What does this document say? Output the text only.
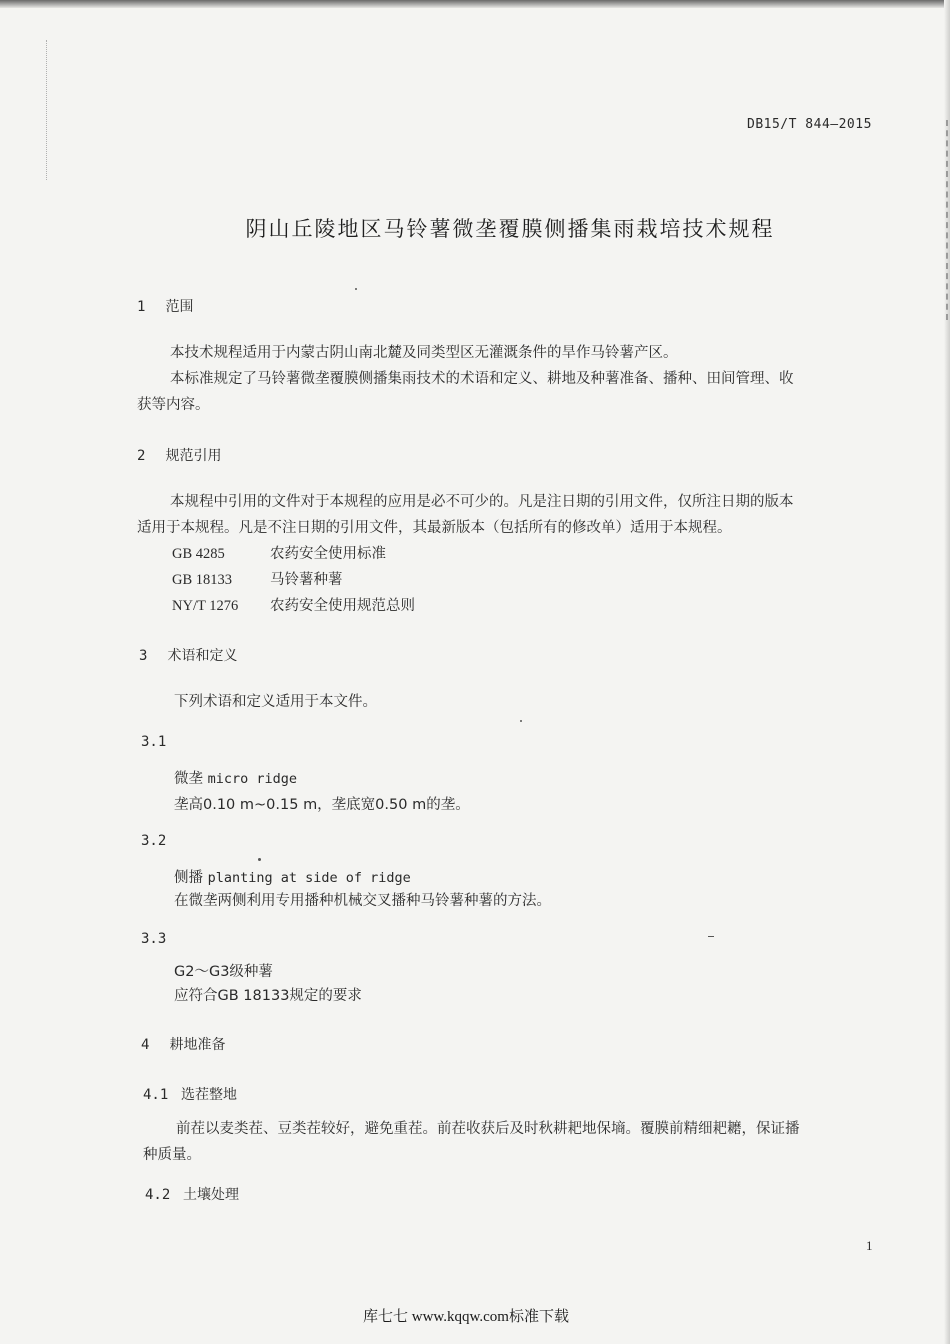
DB15/T 844—2015
阴山丘陵地区马铃薯微垄覆膜侧播集雨栽培技术规程
1 范围
本技术规程适用于内蒙古阴山南北麓及同类型区无灌溉条件的旱作马铃薯产区。
本标准规定了马铃薯微垄覆膜侧播集雨技术的术语和定义、耕地及种薯准备、播种、田间管理、收
获等内容。
2 规范引用
本规程中引用的文件对于本规程的应用是必不可少的。凡是注日期的引用文件，仅所注日期的版本
适用于本规程。凡是不注日期的引用文件，其最新版本（包括所有的修改单）适用于本规程。
GB 4285	农药安全使用标准
GB 18133	马铃薯种薯
NY/T 1276 农药安全使用规范总则
3 术语和定义
下列术语和定义适用于本文件。
3.1
微垄 micro ridge
垄高0.10 m~0.15 m，垄底宽0.50 m的垄。
3.2
侧播 planting at side of ridge
在微垄两侧利用专用播种机械交叉播种马铃薯种薯的方法。
3.3
G2～G3级种薯
应符合GB 18133规定的要求
4 耕地准备
4.1 选茬整地
前茬以麦类茬、豆类茬较好，避免重茬。前茬收获后及时秋耕耙地保墒。覆膜前精细耙耱，保证播
种质量。
4.2 土壤处理
1
库七七 www.kqqw.com标准下载
